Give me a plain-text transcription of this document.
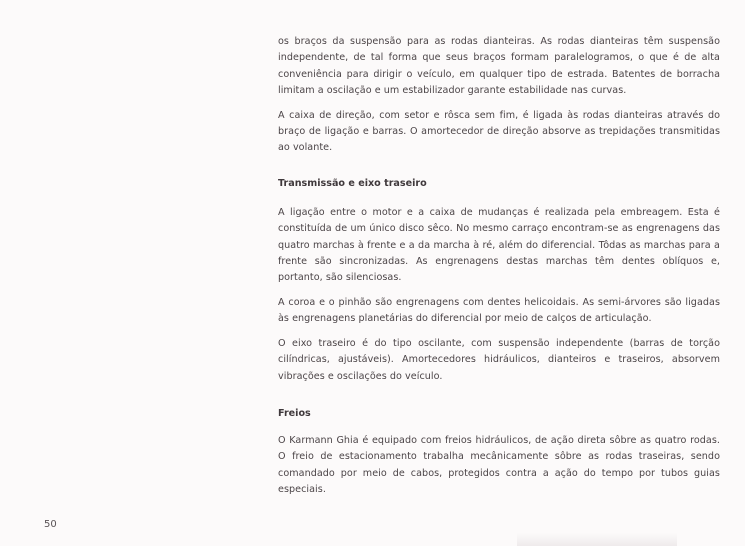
os braços da suspensão para as rodas dianteiras. As rodas dianteiras têm suspensão independente, de tal forma que seus braços formam paralelogramos, o que é de alta conveniência para dirigir o veículo, em qualquer tipo de estrada. Batentes de borracha limitam a oscilação e um estabilizador garante estabilidade nas curvas.

A caixa de direção, com setor e rôsca sem fim, é ligada às rodas dianteiras através do braço de ligação e barras. O amortecedor de direção absorve as trepidações transmitidas ao volante.

Transmissão e eixo traseiro

A ligação entre o motor e a caixa de mudanças é realizada pela embreagem. Esta é constituída de um único disco sêco. No mesmo carraço encontram-se as engrenagens das quatro marchas à frente e a da marcha à ré, além do diferencial. Tôdas as marchas para a frente são sincronizadas. As engrenagens destas marchas têm dentes oblíquos e, portanto, são silenciosas.

A coroa e o pinhão são engrenagens com dentes helicoidais. As semi-árvores são ligadas às engrenagens planetárias do diferencial por meio de calços de articulação.

O eixo traseiro é do tipo oscilante, com suspensão independente (barras de torção cilíndricas, ajustáveis). Amortecedores hidráulicos, dianteiros e traseiros, absorvem vibrações e oscilações do veículo.

Freios

O Karmann Ghia é equipado com freios hidráulicos, de ação direta sôbre as quatro rodas. O freio de estacionamento trabalha mecânicamente sôbre as rodas traseiras, sendo comandado por meio de cabos, protegidos contra a ação do tempo por tubos guias especiais.

50
